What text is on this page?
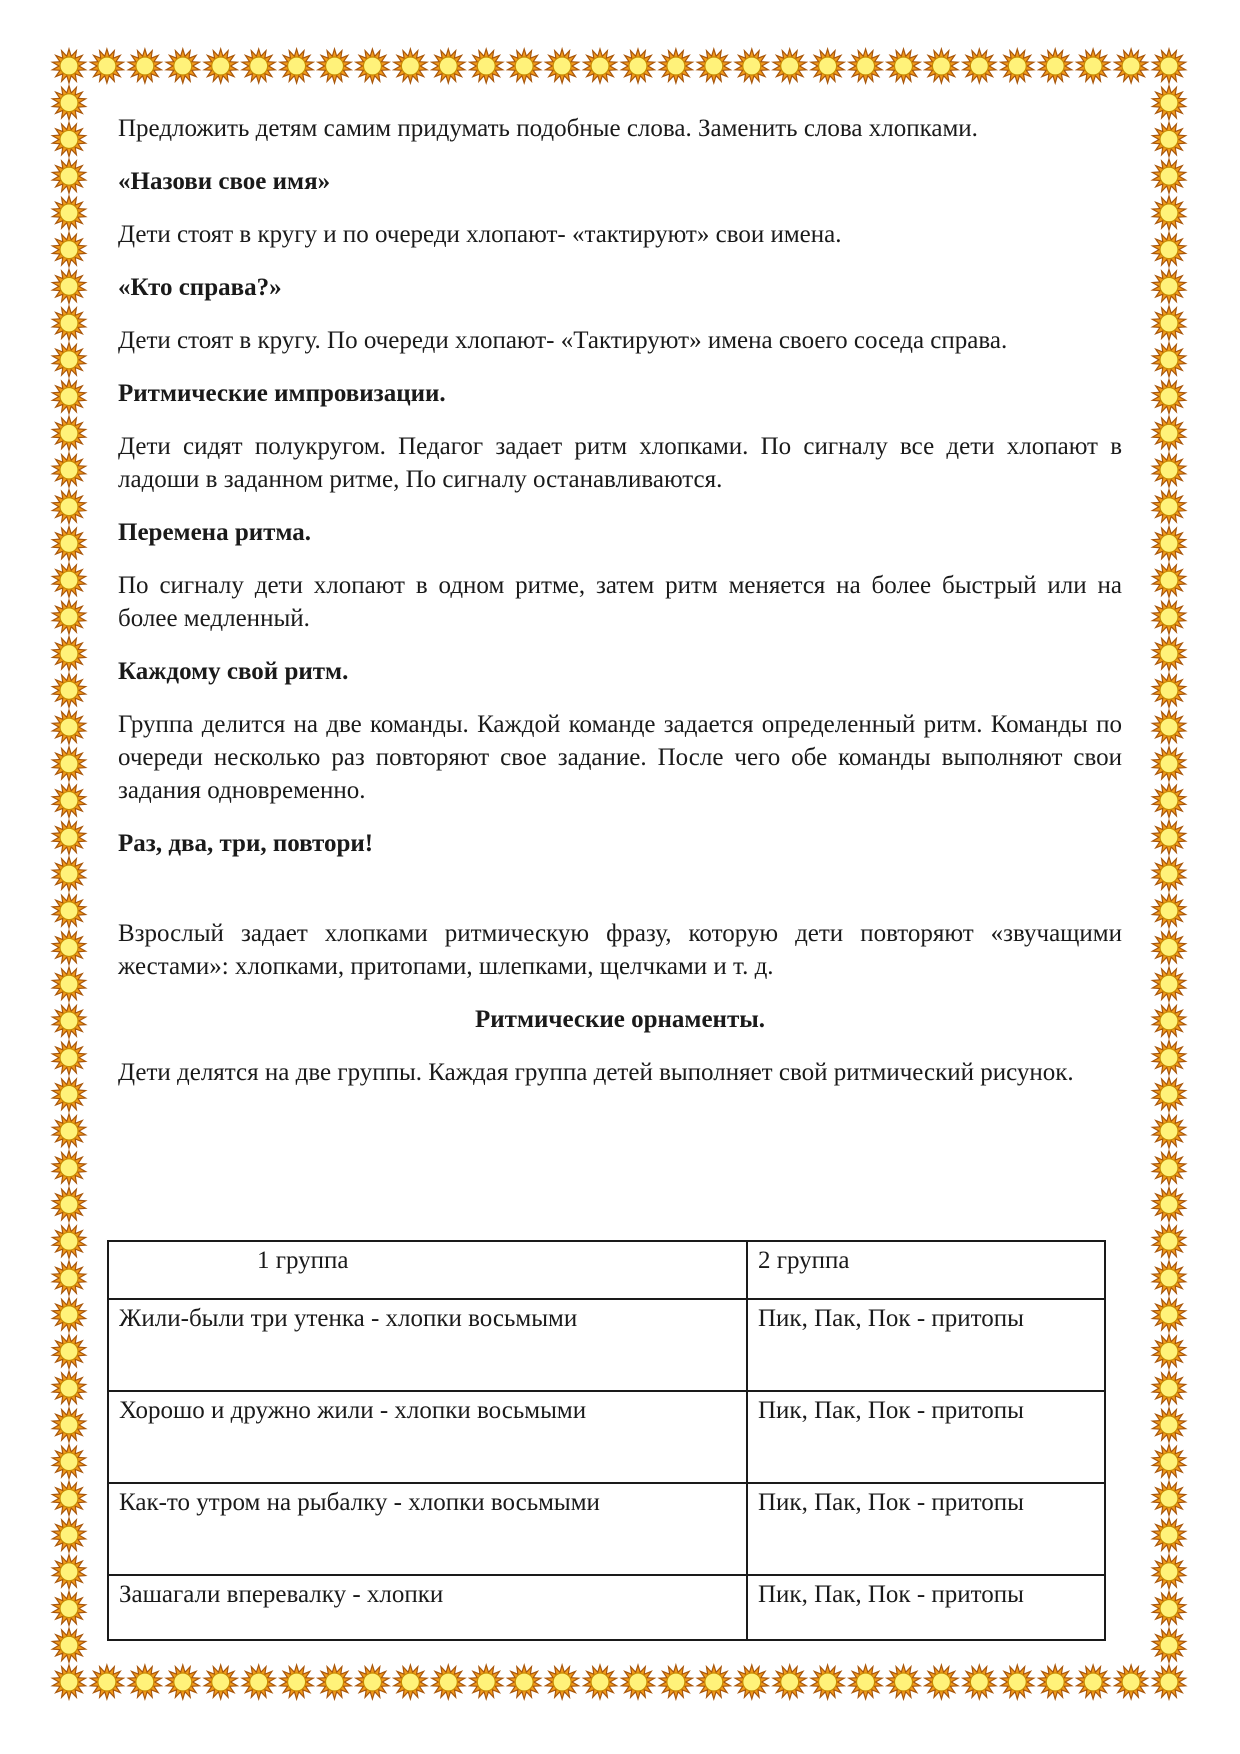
Предложить детям самим придумать подобные слова. Заменить слова хлопками.

«Назови свое имя»

Дети стоят в кругу и по очереди хлопают- «тактируют» свои имена.

«Кто справа?»

Дети стоят в кругу. По очереди хлопают- «Тактируют» имена своего соседа справа.

Ритмические импровизации.

Дети сидят полукругом. Педагог задает ритм хлопками. По сигналу все дети хлопают в ладоши в заданном ритме, По сигналу останавливаются.

Перемена ритма.

По сигналу дети хлопают в одном ритме, затем ритм меняется на более быстрый или на более медленный.

Каждому свой ритм.

Группа делится на две команды. Каждой команде задается определенный ритм. Команды по очереди несколько раз повторяют свое задание. После чего обе команды выполняют свои задания одновременно.

Раз, два, три, повтори!

Взрослый задает хлопками ритмическую фразу, которую дети повторяют «звучащими жестами»: хлопками, притопами, шлепками, щелчками и т. д.

Ритмические орнаменты.

Дети делятся на две группы. Каждая группа детей выполняет свой ритмический рисунок.

1 группа	2 группа
Жили-были три утенка - хлопки восьмыми	Пик, Пак, Пок - притопы
Хорошо и дружно жили - хлопки восьмыми	Пик, Пак, Пок - притопы
Как-то утром на рыбалку - хлопки восьмыми	Пик, Пак, Пок - притопы
Зашагали вперевалку - хлопки	Пик, Пак, Пок - притопы
